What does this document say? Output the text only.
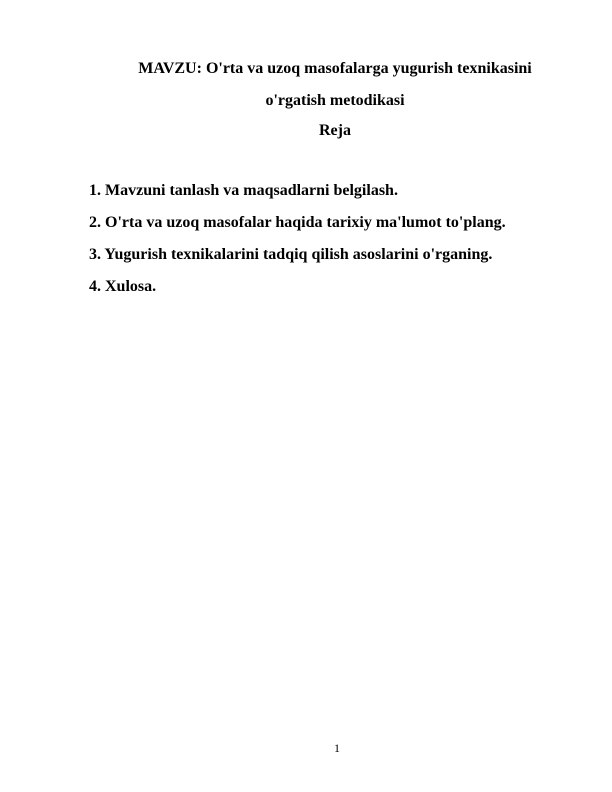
MAVZU: O'rta va uzoq masofalarga yugurish texnikasini
o'rgatish metodikasi
Reja
1. Mavzuni tanlash va maqsadlarni belgilash.
2. O'rta va uzoq masofalar haqida tarixiy ma'lumot to'plang.
3. Yugurish texnikalarini tadqiq qilish asoslarini o'rganing.
4. Xulosa.
1
